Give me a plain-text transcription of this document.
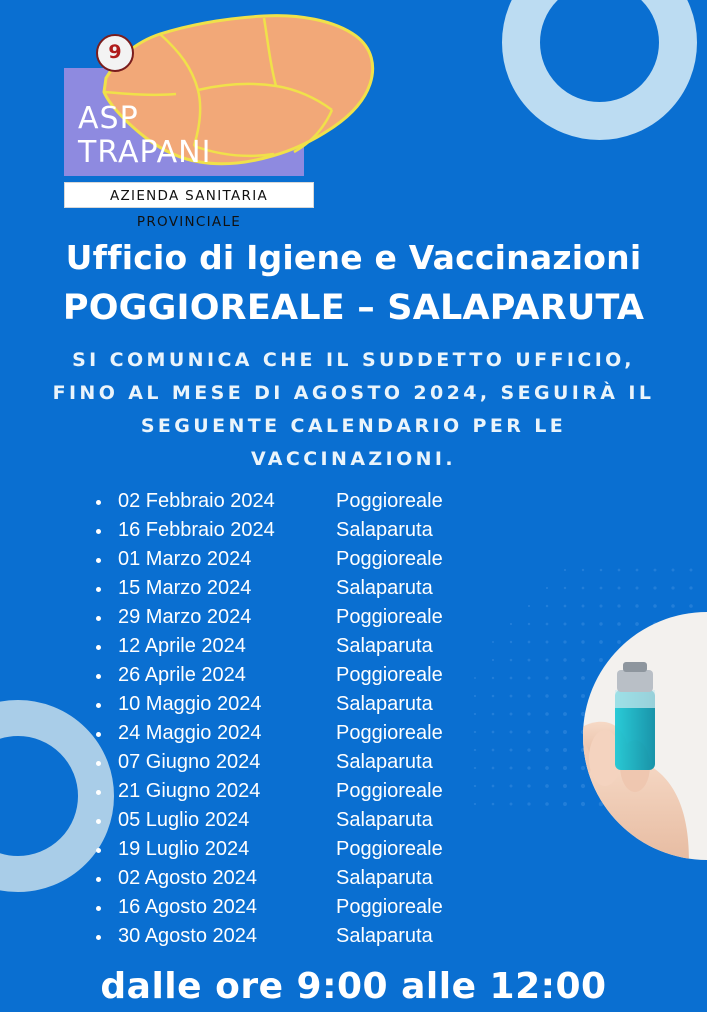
9
ASP
TRAPANI
AZIENDA SANITARIA PROVINCIALE
Ufficio di Igiene e Vaccinazioni
POGGIOREALE – SALAPARUTA
SI COMUNICA CHE IL SUDDETTO UFFICIO, FINO AL MESE DI AGOSTO 2024, SEGUIRÀ IL SEGUENTE CALENDARIO PER LE VACCINAZIONI.
02 Febbraio 2024	Poggioreale
16 Febbraio 2024	Salaparuta
01 Marzo 2024	Poggioreale
15 Marzo 2024	Salaparuta
29 Marzo 2024	Poggioreale
12 Aprile 2024	Salaparuta
26 Aprile 2024	Poggioreale
10 Maggio 2024	Salaparuta
24 Maggio 2024	Poggioreale
07 Giugno 2024	Salaparuta
21 Giugno 2024	Poggioreale
05 Luglio 2024	Salaparuta
19 Luglio 2024	Poggioreale
02 Agosto 2024	Salaparuta
16 Agosto 2024	Poggioreale
30 Agosto 2024	Salaparuta
dalle ore 9:00 alle 12:00
